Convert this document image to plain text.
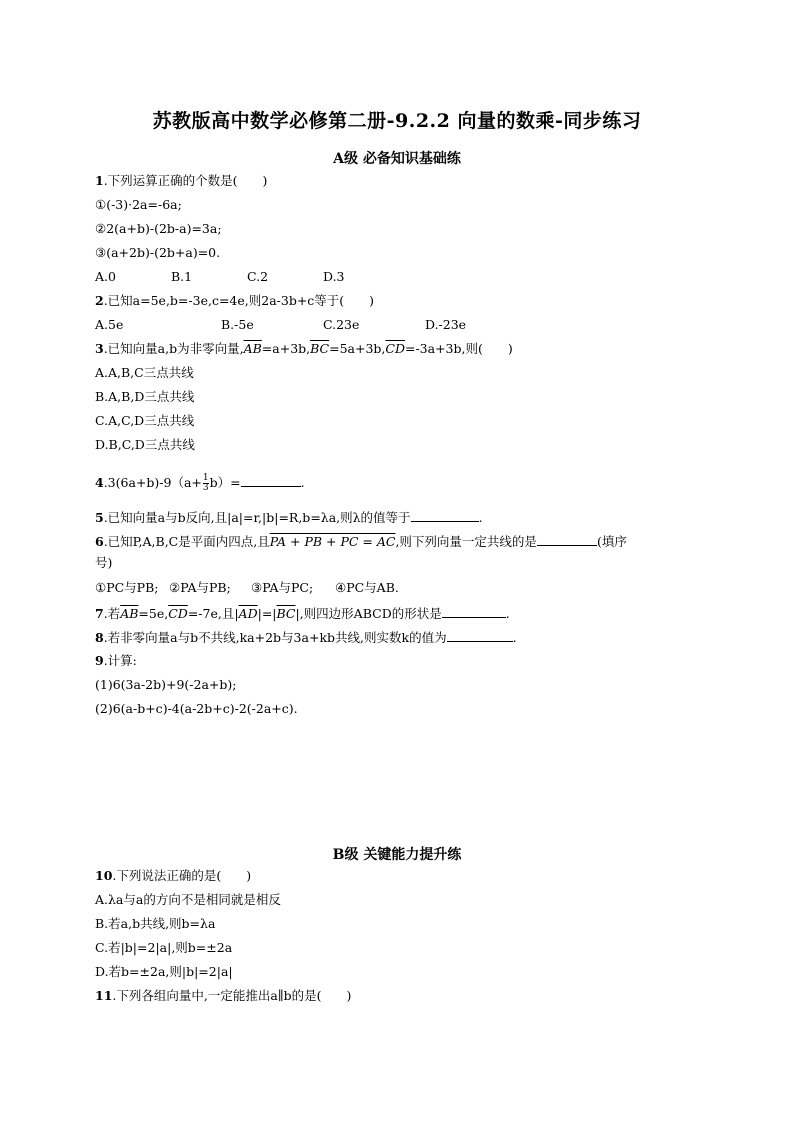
苏教版高中数学必修第二册-9.2.2 向量的数乘-同步练习
A级 必备知识基础练
1.下列运算正确的个数是(　　)
①(-3)·2a=-6a;
②2(a+b)-(2b-a)=3a;
③(a+2b)-(2b+a)=0.
A.0	B.1	C.2	D.3
2.已知a=5e,b=-3e,c=4e,则2a-3b+c等于(　　)
A.5e	B.-5e	C.23e	D.-23e
3.已知向量a,b为非零向量$,\overline{AB}=a+3b,\overline{BC}=5a+3b,\overline{CD}=-3a+3b$,则(　　)
A.A,B,C三点共线
B.A,B,D三点共线
C.A,C,D三点共线
D.B,C,D三点共线
$4.3(6a+b)-9(a+ \frac{1}{3} b)=$	.
5.已知向量a与b反向,且|a|=r,|b|=R,b=λa,则λ的值等于	.
6.已知P,A,B,C是平面内四点,且PA + PB + PC = AC,则下列向量一定共线的是	(填序
号)
①PC与PB; ②PA与PB; ③PA与PC; ④PC与AB.
7.若$\overline{AB}=5e,\overline{CD}=-7e$,且$|\overline{AD}|=|\overline{BC}|$,则四边形ABCD的形状是	.
8.若非零向量a与b不共线,ka+2b与3a+kb共线,则实数k的值为	.
9.计算:
(1)6(3a-2b)+9(-2a+b);
(2)6(a-b+c)-4(a-2b+c)-2(-2a+c).
B级 关键能力提升练
10.下列说法正确的是(　　)
A.λa与a的方向不是相同就是相反
B.若a,b共线,则b=λa
C.若|b|=2|a|,则b=±2a
D.若b=±2a,则|b|=2|a|
11.下列各组向量中,一定能推出a∥b的是(　　)
